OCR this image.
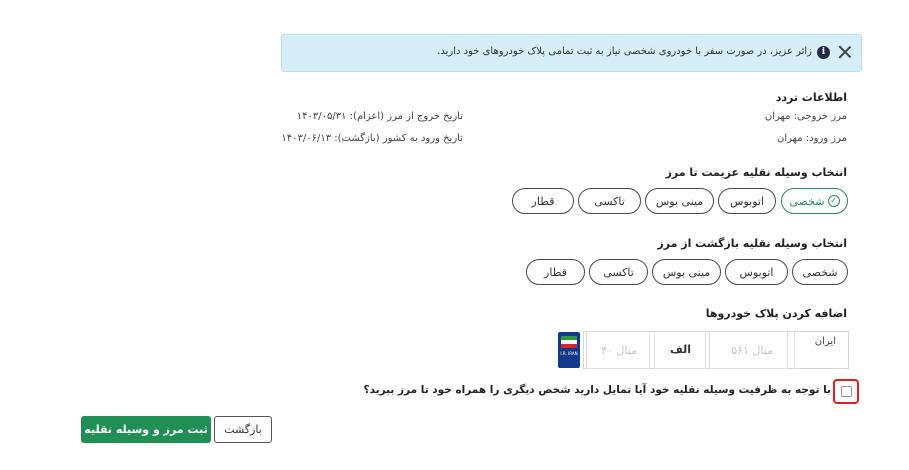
i
زائر عزیز، در صورت سفر با خودروی شخصی نیاز به ثبت تمامی پلاک خودروهای خود دارید.
اطلاعات تردد
مرز خروجی: مهران
مرز ورود: مهران
تاریخ خروج از مرز (اعزام): ۱۴۰۳/۰۵/۳۱
تاریخ ورود به کشور (بازگشت): ۱۴۰۳/۰۶/۱۳
انتخاب وسیله نقلیه عزیمت تا مرز
✓
شخصی
اتوبوس
مینی بوس
تاکسی
قطار
انتخاب وسیله نقلیه بازگشت از مرز
شخصی
اتوبوس
مینی بوس
تاکسی
قطار
اضافه کردن پلاک خودروها
ایران
مثال ۵۶۱
الف
مثال ۴۰
I.R. IRAN
با توجه به ظرفیت وسیله نقلیه خود آیا تمایل دارید شخص دیگری را همراه خود تا مرز ببرید؟
ثبت مرز و وسیله نقلیه	بازگشت
